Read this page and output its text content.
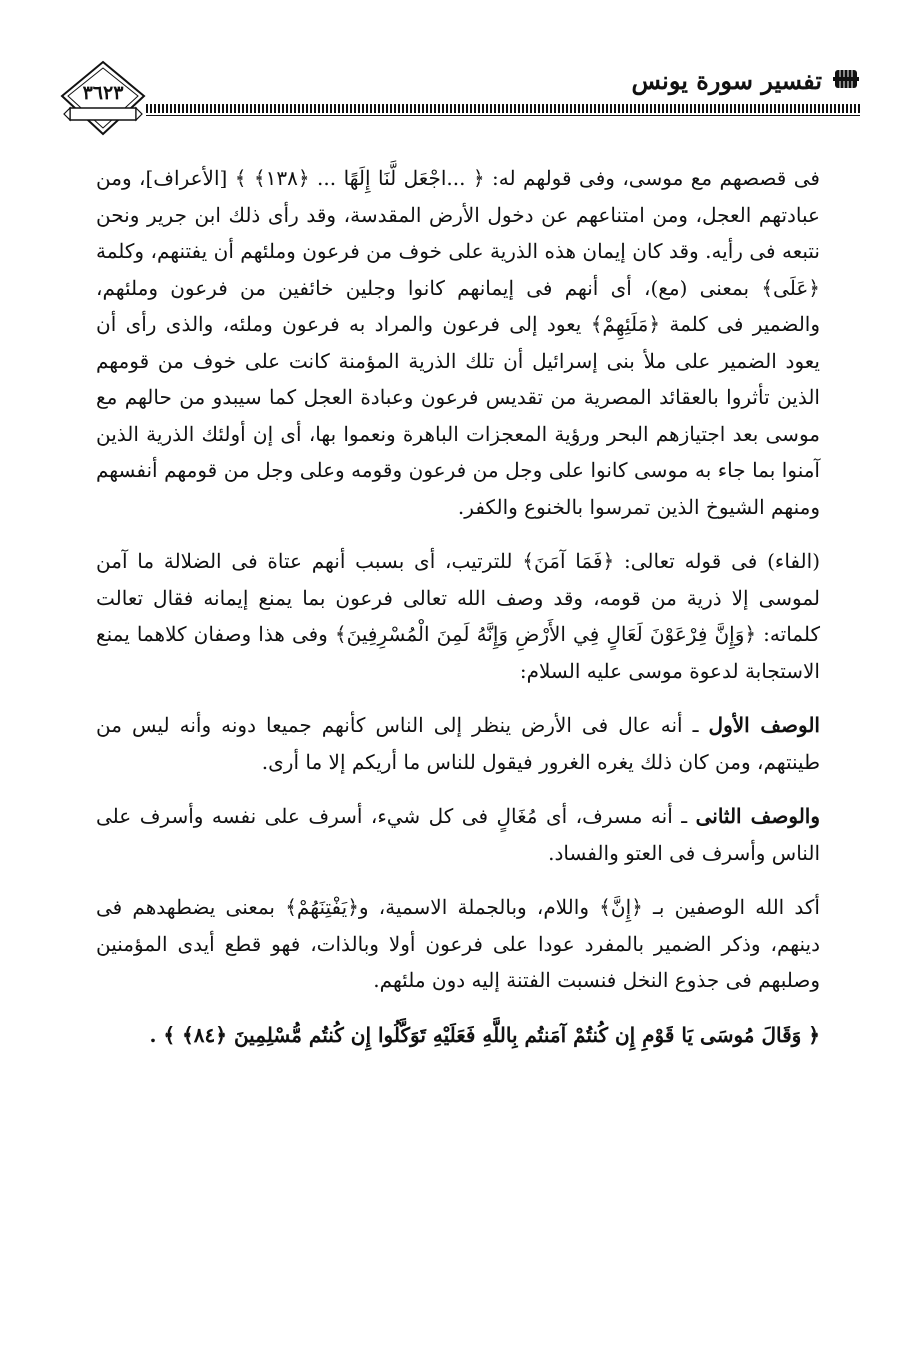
٣٦٢٣	تفسير سورة يونس

فى قصصهم مع موسى، وفى قولهم له: ﴿ ...اجْعَل لَّنَا إِلَهًا ... ﴿١٣٨﴾ ﴾ [الأعراف]، ومن عبادتهم العجل، ومن امتناعهم عن دخول الأرض المقدسة، وقد رأى ذلك ابن جرير ونحن نتبعه فى رأيه. وقد كان إيمان هذه الذرية على خوف من فرعون وملئهم أن يفتنهم، وكلمة ﴿عَلَى﴾ بمعنى (مع)، أى أنهم فى إيمانهم كانوا وجلين خائفين من فرعون وملئهم، والضمير فى كلمة ﴿مَلَئِهِمْ﴾ يعود إلى فرعون والمراد به فرعون وملئه، والذى رأى أن يعود الضمير على ملأ بنى إسرائيل أن تلك الذرية المؤمنة كانت على خوف من قومهم الذين تأثروا بالعقائد المصرية من تقديس فرعون وعبادة العجل كما سيبدو من حالهم مع موسى بعد اجتيازهم البحر ورؤية المعجزات الباهرة ونعموا بها، أى إن أولئك الذرية الذين آمنوا بما جاء به موسى كانوا على وجل من فرعون وقومه وعلى وجل من قومهم أنفسهم ومنهم الشيوخ الذين تمرسوا بالخنوع والكفر.

(الفاء) فى قوله تعالى: ﴿فَمَا آمَنَ﴾ للترتيب، أى بسبب أنهم عتاة فى الضلالة ما آمن لموسى إلا ذرية من قومه، وقد وصف الله تعالى فرعون بما يمنع إيمانه فقال تعالت كلماته: ﴿وَإِنَّ فِرْعَوْنَ لَعَالٍ فِي الأَرْضِ وَإِنَّهُ لَمِنَ الْمُسْرِفِينَ﴾ وفى هذا وصفان كلاهما يمنع الاستجابة لدعوة موسى عليه السلام:

الوصف الأول ـ أنه عال فى الأرض ينظر إلى الناس كأنهم جميعا دونه وأنه ليس من طينتهم، ومن كان ذلك يغره الغرور فيقول للناس ما أريكم إلا ما أرى.

والوصف الثانى ـ أنه مسرف، أى مُغَالٍ فى كل شيء، أسرف على نفسه وأسرف على الناس وأسرف فى العتو والفساد.

أكد الله الوصفين بـ ﴿إِنَّ﴾ واللام، وبالجملة الاسمية، و﴿يَفْتِنَهُمْ﴾ بمعنى يضطهدهم فى دينهم، وذكر الضمير بالمفرد عودا على فرعون أولا وبالذات، فهو قطع أيدى المؤمنين وصلبهم فى جذوع النخل فنسبت الفتنة إليه دون ملئهم.

﴿ وَقَالَ مُوسَى يَا قَوْمِ إِن كُنتُمْ آمَنتُم بِاللَّهِ فَعَلَيْهِ تَوَكَّلُوا إِن كُنتُم مُّسْلِمِينَ ﴿٨٤﴾ ﴾ .
